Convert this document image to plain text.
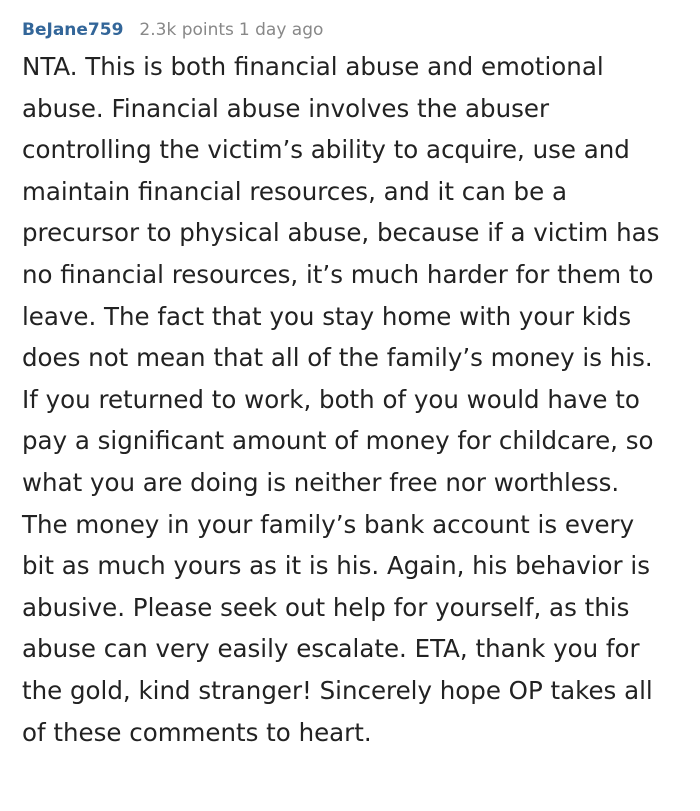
BeJane759 2.3k points 1 day ago

NTA. This is both financial abuse and emotional abuse. Financial abuse involves the abuser controlling the victim’s ability to acquire, use and maintain financial resources, and it can be a precursor to physical abuse, because if a victim has no financial resources, it’s much harder for them to leave. The fact that you stay home with your kids does not mean that all of the family’s money is his. If you returned to work, both of you would have to pay a significant amount of money for childcare, so what you are doing is neither free nor worthless. The money in your family’s bank account is every bit as much yours as it is his. Again, his behavior is abusive. Please seek out help for yourself, as this abuse can very easily escalate. ETA, thank you for the gold, kind stranger! Sincerely hope OP takes all of these comments to heart.
